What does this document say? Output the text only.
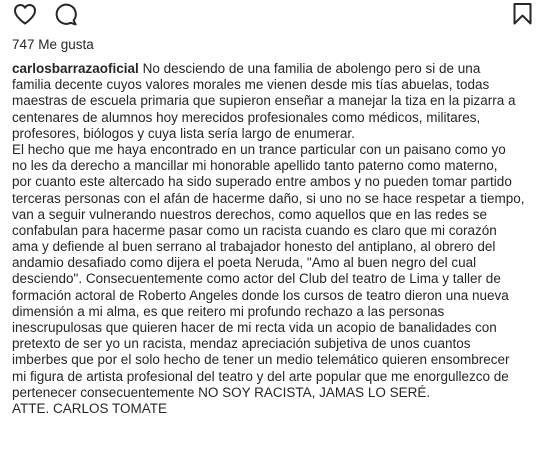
747 Me gusta
carlosbarrazaoficial No desciendo de una familia de abolengo pero si de una
familia decente cuyos valores morales me vienen desde mis tías abuelas, todas
maestras de escuela primaria que supieron enseñar a manejar la tiza en la pizarra a
centenares de alumnos hoy merecidos profesionales como médicos, militares,
profesores, biólogos y cuya lista sería largo de enumerar.
El hecho que me haya encontrado en un trance particular con un paisano como yo
no les da derecho a mancillar mi honorable apellido tanto paterno como materno,
por cuanto este altercado ha sido superado entre ambos y no pueden tomar partido
terceras personas con el afán de hacerme daño, si uno no se hace respetar a tiempo,
van a seguir vulnerando nuestros derechos, como aquellos que en las redes se
confabulan para hacerme pasar como un racista cuando es claro que mi corazón
ama y defiende al buen serrano al trabajador honesto del antiplano, al obrero del
andamio desafiado como dijera el poeta Neruda, "Amo al buen negro del cual
desciendo". Consecuentemente como actor del Club del teatro de Lima y taller de
formación actoral de Roberto Angeles donde los cursos de teatro dieron una nueva
dimensión a mi alma, es que reitero mi profundo rechazo a las personas
inescrupulosas que quieren hacer de mi recta vida un acopio de banalidades con
pretexto de ser yo un racista, mendaz apreciación subjetiva de unos cuantos
imberbes que por el solo hecho de tener un medio telemático quieren ensombrecer
mi figura de artista profesional del teatro y del arte popular que me enorgullezco de
pertenecer consecuentemente NO SOY RACISTA, JAMAS LO SERÉ.
ATTE. CARLOS TOMATE
